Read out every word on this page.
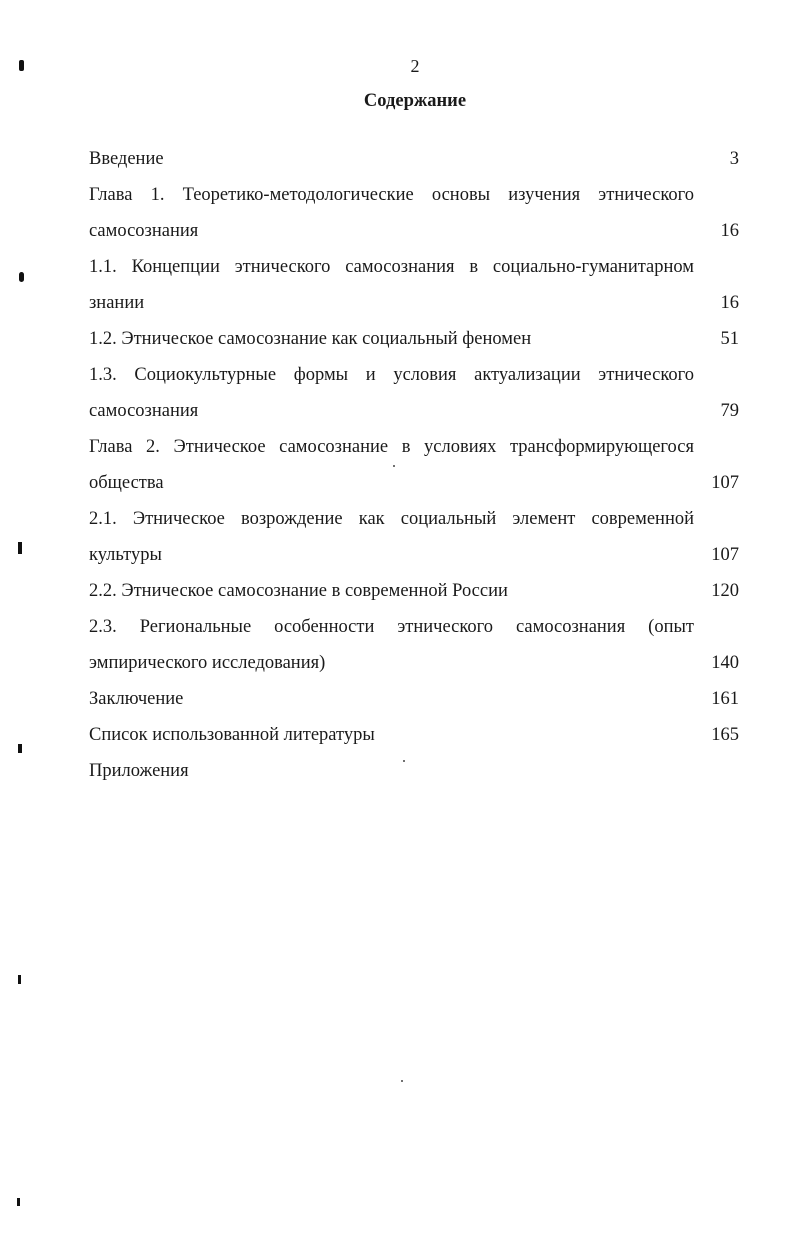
2
Содержание
Введение	3
Глава 1. Теоретико-методологические основы изучения этнического самосознания	16
1.1. Концепции этнического самосознания в социально-гуманитарном знании	16
1.2. Этническое самосознание как социальный феномен	51
1.3. Социокультурные формы и условия актуализации этнического самосознания	79
Глава 2. Этническое самосознание в условиях трансформирующегося общества	107
2.1. Этническое возрождение как социальный элемент современной культуры	107
2.2. Этническое самосознание в современной России	120
2.3. Региональные особенности этнического самосознания (опыт эмпирического исследования)	140
Заключение	161
Список использованной литературы	165
Приложения
